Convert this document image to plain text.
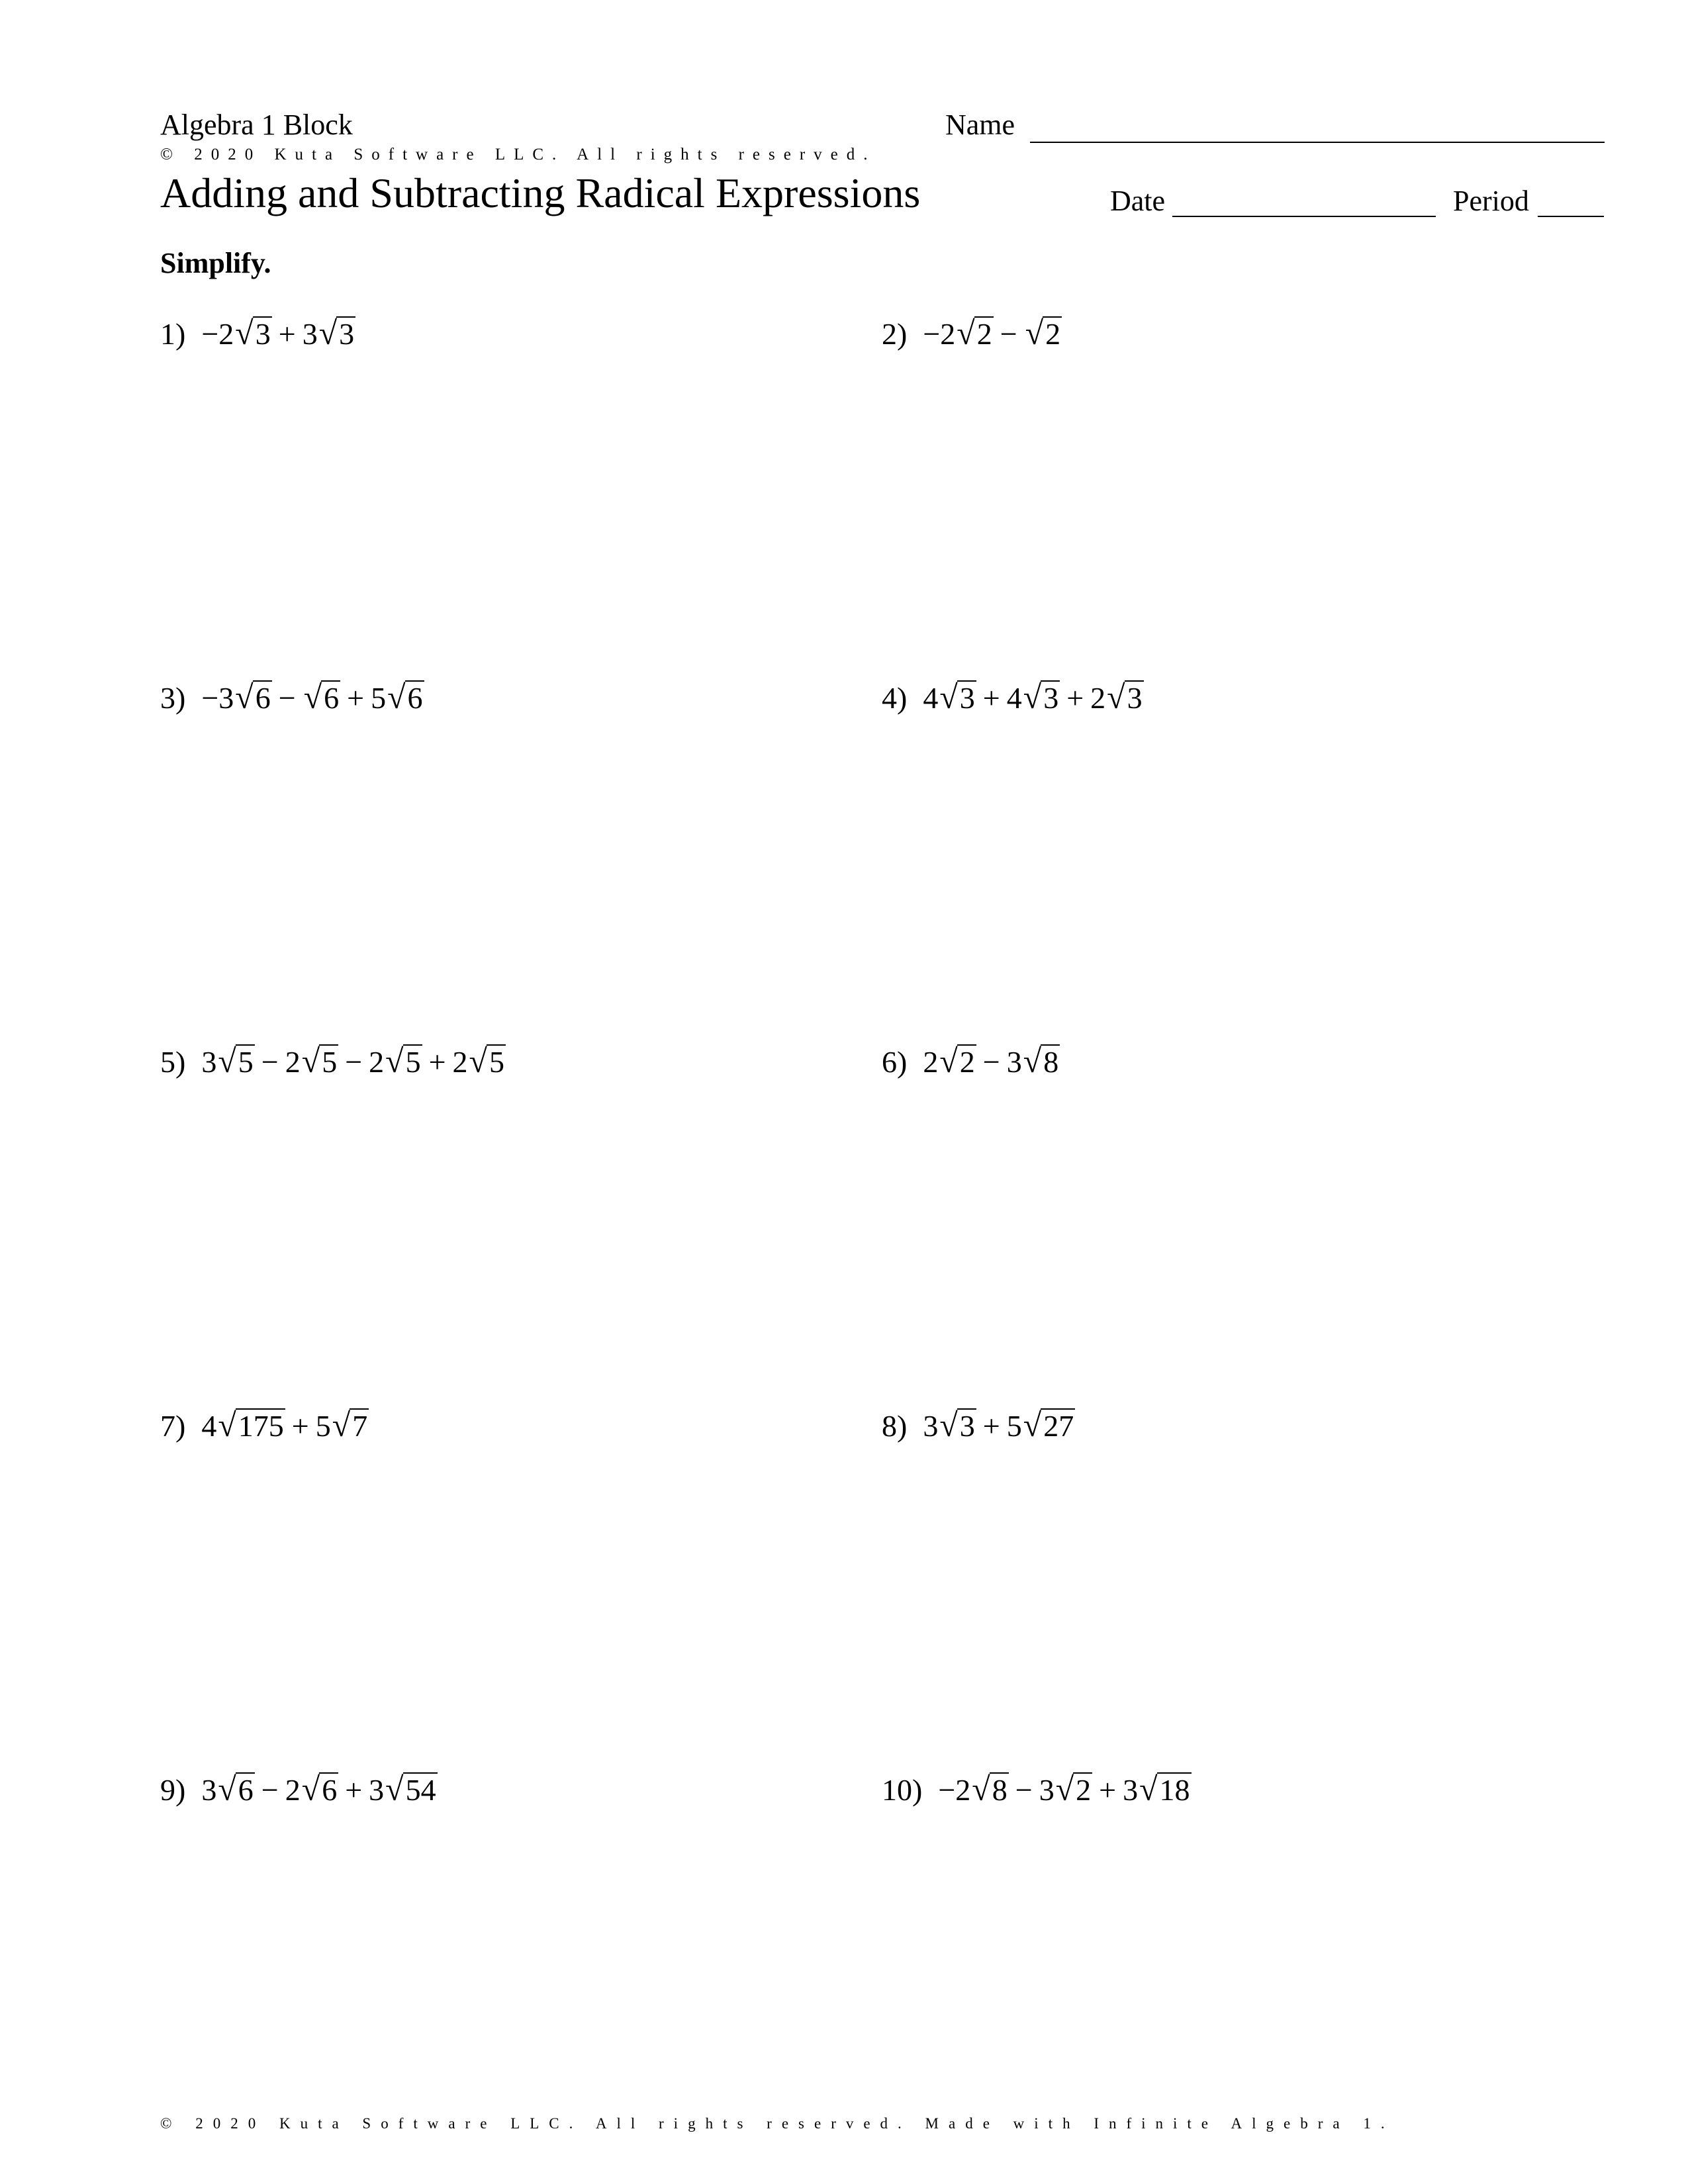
Algebra 1 Block	Name
© 2020 Kuta Software LLC. All rights reserved.
Adding and Subtracting Radical Expressions	Date	Period
Simplify.
1) −2 √ 3 + 3 √ 3	2) −2 √ 2 − √ 2
3) −3 √ 6 − √ 6 + 5 √ 6	4) 4 √ 3 + 4 √ 3 + 2 √ 3
5) 3 √ 5 − 2 √ 5 − 2 √ 5 + 2 √ 5	6) 2 √ 2 − 3 √ 8
7) 4 √ 175 + 5 √ 7	8) 3 √ 3 + 5 √ 27
9) 3 √ 6 − 2 √ 6 + 3 √ 54	10) −2 √ 8 − 3 √ 2 + 3 √ 18
© 2020 Kuta Software LLC. All rights reserved. Made with Infinite Algebra 1.
